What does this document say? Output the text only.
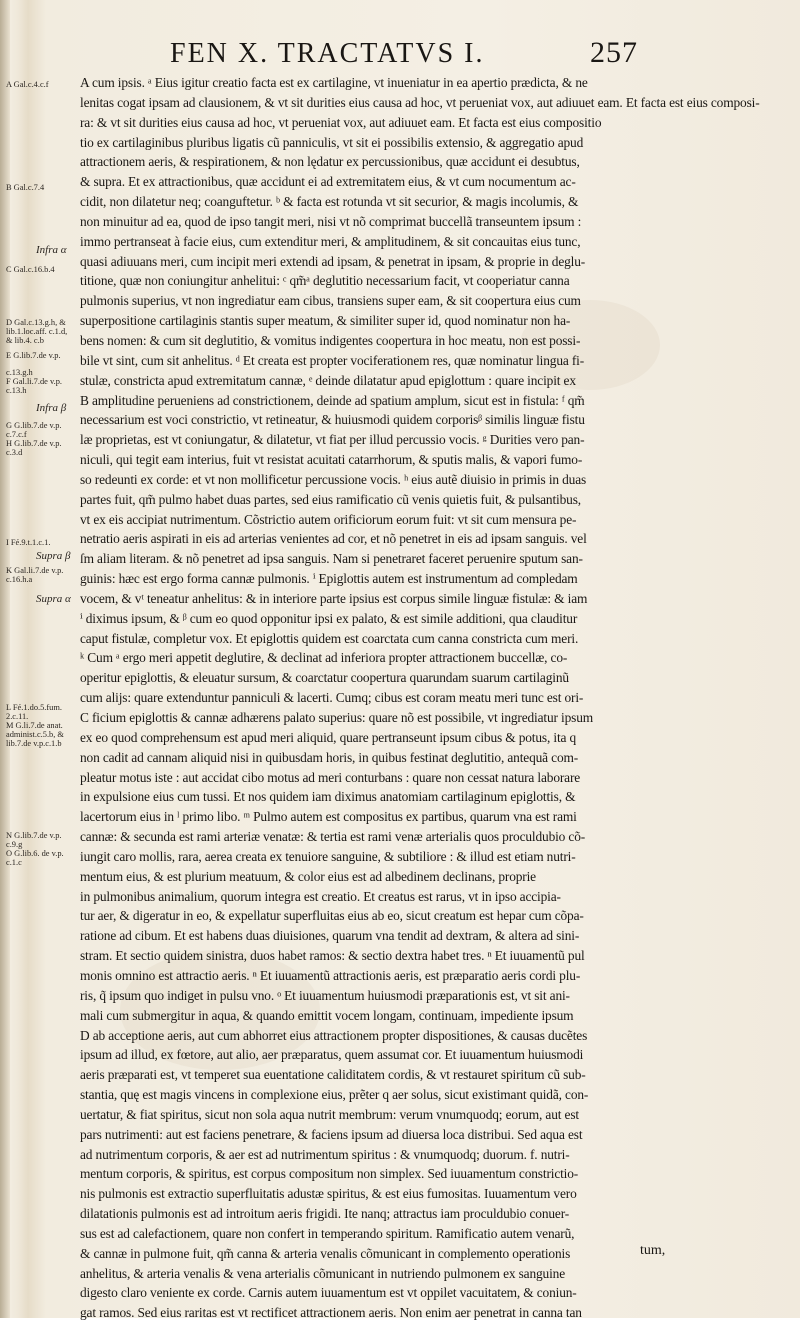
FEN X. TRACTATVS I.	257
A Gal.c.4.c.f
B Gal.c.7.4
Infra α
C Gal.c.16.b.4
D Gal.c.13.g.h, &
lib.1.loc.aff. c.1.d,
& lib.4. c.b
E G.lib.7.de v.p.
c.13.g.h
F Gal.li.7.de v.p.
c.13.h
Infra β
G G.lib.7.de v.p.
c.7.c.f
H G.lib.7.de v.p.
c.3.d
I Fé.9.t.1.c.1.
Supra β
K Gal.li.7.de v.p.
c.16.h.a
Supra α
L Fé.1.do.5.fum.
2.c.11.
M G.li.7.de anat.
administ.c.5.b, &
lib.7.de v.p.c.1.b
N G.lib.7.de v.p.
c.9.g
O G.lib.6. de v.p.
c.1.c
A cum ipsis. ᵃ Eius igitur creatio facta est ex cartilagine, vt inueniatur in ea apertio prædicta, & ne
lenitas cogat ipsam ad clausionem, & vt sit durities eius causa ad hoc, vt perueniat vox, aut adiuuet eam. Et facta est eius composi-
ra: & vt sit durities eius causa ad hoc, vt perueniat vox, aut adiuuet eam. Et facta est eius compositio
tio ex cartilaginibus pluribus ligatis cũ panniculis, vt sit ei possibilis extensio, & aggregatio apud
attractionem aeris, & respirationem, & non lędatur ex percussionibus, quæ accidunt ei desubtus,
& supra. Et ex attractionibus, quæ accidunt ei ad extremitatem eius, & vt cum nocumentum ac-
cidit, non dilatetur neq; coanguftetur. ᵇ & facta est rotunda vt sit securior, & magis incolumis, &
non minuitur ad ea, quod de ipso tangit meri, nisi vt nõ comprimat buccellã transeuntem ipsum :
immo pertranseat à facie eius, cum extenditur meri, & amplitudinem, & sit concauitas eius tunc,
quasi adiuuans meri, cum incipit meri extendi ad ipsam, & penetrat in ipsam, & proprie in deglu-
titione, quæ non coniungitur anhelitui: ᶜ qm̃ᵃ deglutitio necessarium facit, vt cooperiatur canna
pulmonis superius, vt non ingrediatur eam cibus, transiens super eam, & sit coopertura eius cum
superpositione cartilaginis stantis super meatum, & similiter super id, quod nominatur non ha-
bens nomen: & cum sit deglutitio, & vomitus indigentes coopertura in hoc meatu, non est possi-
bile vt sint, cum sit anhelitus. ᵈ Et creata est propter vociferationem res, quæ nominatur lingua fi-
stulæ, constricta apud extremitatum cannæ, ᵉ deinde dilatatur apud epiglottum : quare incipit ex
B amplitudine perueniens ad constrictionem, deinde ad spatium amplum, sicut est in fistula: ᶠ qm̃
necessarium est voci constrictio, vt retineatur, & huiusmodi quidem corporisᵝ similis linguæ fistu
læ proprietas, est vt coniungatur, & dilatetur, vt fiat per illud percussio vocis. ᵍ Durities vero pan-
niculi, qui tegit eam interius, fuit vt resistat acuitati catarrhorum, & sputis malis, & vapori fumo-
so redeunti ex corde: et vt non mollificetur percussione vocis. ʰ eius autẽ diuisio in primis in duas
partes fuit, qm̃ pulmo habet duas partes, sed eius ramificatio cũ venis quietis fuit, & pulsantibus,
vt ex eis accipiat nutrimentum. Cõstrictio autem orificiorum eorum fuit: vt sit cum mensura pe-
netratio aeris aspirati in eis ad arterias venientes ad cor, et nõ penetret in eis ad ipsam sanguis. vel
ſm aliam literam. & nõ penetret ad ipsa sanguis. Nam si penetraret faceret peruenire sputum san-
guinis: hæc est ergo forma cannæ pulmonis. ⁱ Epiglottis autem est instrumentum ad compledam
vocem, & vᵗ teneatur anhelitus: & in interiore parte ipsius est corpus simile linguæ fistulæ: & iam
ⁱ diximus ipsum, & ᵝ cum eo quod opponitur ipsi ex palato, & est simile additioni, qua clauditur
caput fistulæ, completur vox. Et epiglottis quidem est coarctata cum canna constricta cum meri.
ᵏ Cum ᵃ ergo meri appetit deglutire, & declinat ad inferiora propter attractionem buccellæ, co-
operitur epiglottis, & eleuatur sursum, & coarctatur coopertura quarundam suarum cartilaginũ
cum alijs: quare extenduntur panniculi & lacerti. Cumq; cibus est coram meatu meri tunc est ori-
C ficium epiglottis & cannæ adhærens palato superius: quare nõ est possibile, vt ingrediatur ipsum
ex eo quod comprehensum est apud meri aliquid, quare pertranseunt ipsum cibus & potus, ita q
non cadit ad cannam aliquid nisi in quibusdam horis, in quibus festinat deglutitio, antequã com-
pleatur motus iste : aut accidat cibo motus ad meri conturbans : quare non cessat natura laborare
in expulsione eius cum tussi. Et nos quidem iam diximus anatomiam cartilaginum epiglottis, &
lacertorum eius in ˡ primo libo. ᵐ Pulmo autem est compositus ex partibus, quarum vna est rami
cannæ: & secunda est rami arteriæ venatæ: & tertia est rami venæ arterialis quos proculdubio cõ-
iungit caro mollis, rara, aerea creata ex tenuiore sanguine, & subtiliore : & illud est etiam nutri-
mentum eius, & est plurium meatuum, & color eius est ad albedinem declinans, proprie
in pulmonibus animalium, quorum integra est creatio. Et creatus est rarus, vt in ipso accipia-
tur aer, & digeratur in eo, & expellatur superfluitas eius ab eo, sicut creatum est hepar cum cõpa-
ratione ad cibum. Et est habens duas diuisiones, quarum vna tendit ad dextram, & altera ad sini-
stram. Et sectio quidem sinistra, duos habet ramos: & sectio dextra habet tres. ⁿ Et iuuamentũ pul
monis omnino est attractio aeris. ⁿ Et iuuamentũ attractionis aeris, est præparatio aeris cordi plu-
ris, q̃ ipsum quo indiget in pulsu vno. ᵒ Et iuuamentum huiusmodi præparationis est, vt sit ani-
mali cum submergitur in aqua, & quando emittit vocem longam, continuam, impediente ipsum
D ab acceptione aeris, aut cum abhorret eius attractionem propter dispositiones, & causas ducẽtes
ipsum ad illud, ex fœtore, aut alio, aer præparatus, quem assumat cor. Et iuuamentum huiusmodi
aeris præparati est, vt temperet sua euentatione caliditatem cordis, & vt restauret spiritum cũ sub-
stantia, quę est magis vincens in complexione eius, prẽter q aer solus, sicut existimant quidã, con-
uertatur, & fiat spiritus, sicut non sola aqua nutrit membrum: verum vnumquodq; eorum, aut est
pars nutrimenti: aut est faciens penetrare, & faciens ipsum ad diuersa loca distribui. Sed aqua est
ad nutrimentum corporis, & aer est ad nutrimentum spiritus : & vnumquodq; duorum. f. nutri-
mentum corporis, & spiritus, est corpus compositum non simplex. Sed iuuamentum constrictio-
nis pulmonis est extractio superfluitatis adustæ spiritus, & est eius fumositas. Iuuamentum vero
dilatationis pulmonis est ad introitum aeris frigidi. Ite nanq; attractus iam proculdubio conuer-
sus est ad calefactionem, quare non confert in temperando spiritum. Ramificatio autem venarũ,
& cannæ in pulmone fuit, qm̃ canna & arteria venalis cõmunicant in complemento operationis
anhelitus, & arteria venalis & vena arterialis cõmunicant in nutriendo pulmonem ex sanguine
digesto claro veniente ex corde. Carnis autem iuuamentum est vt oppilet vacuitatem, & coniun-
gat ramos. Sed eius raritas est vt rectificet attractionem aeris. Non enim aer penetrat in canna tan
tum,
